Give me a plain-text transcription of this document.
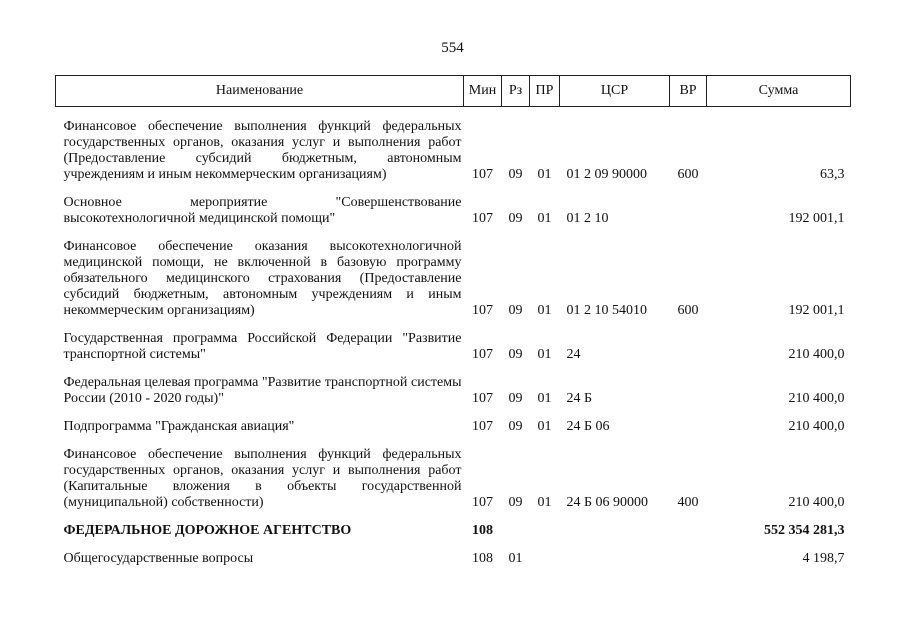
554
Наименование	Мин	Рз	ПР	ЦСР	ВР	Сумма
Финансовое обеспечение выполнения функций федеральных государственных органов, оказания услуг и выполнения работ (Предоставление субсидий бюджетным, автономным учреждениям и иным некоммерческим организациям)	107	09	01	01 2 09 90000	600	63,3
Основное мероприятие "Совершенствование высокотехнологичной медицинской помощи"	107	09	01	01 2 10		192 001,1
Финансовое обеспечение оказания высокотехнологичной медицинской помощи, не включенной в базовую программу обязательного медицинского страхования (Предоставление субсидий бюджетным, автономным учреждениям и иным некоммерческим организациям)	107	09	01	01 2 10 54010	600	192 001,1
Государственная программа Российской Федерации "Развитие транспортной системы"	107	09	01	24		210 400,0
Федеральная целевая программа "Развитие транспортной системы России (2010 - 2020 годы)"	107	09	01	24 Б		210 400,0
Подпрограмма "Гражданская авиация"	107	09	01	24 Б 06		210 400,0
Финансовое обеспечение выполнения функций федеральных государственных органов, оказания услуг и выполнения работ (Капитальные вложения в объекты государственной (муниципальной) собственности)	107	09	01	24 Б 06 90000	400	210 400,0
ФЕДЕРАЛЬНОЕ ДОРОЖНОЕ АГЕНТСТВО	108					552 354 281,3
Общегосударственные вопросы	108	01				4 198,7
